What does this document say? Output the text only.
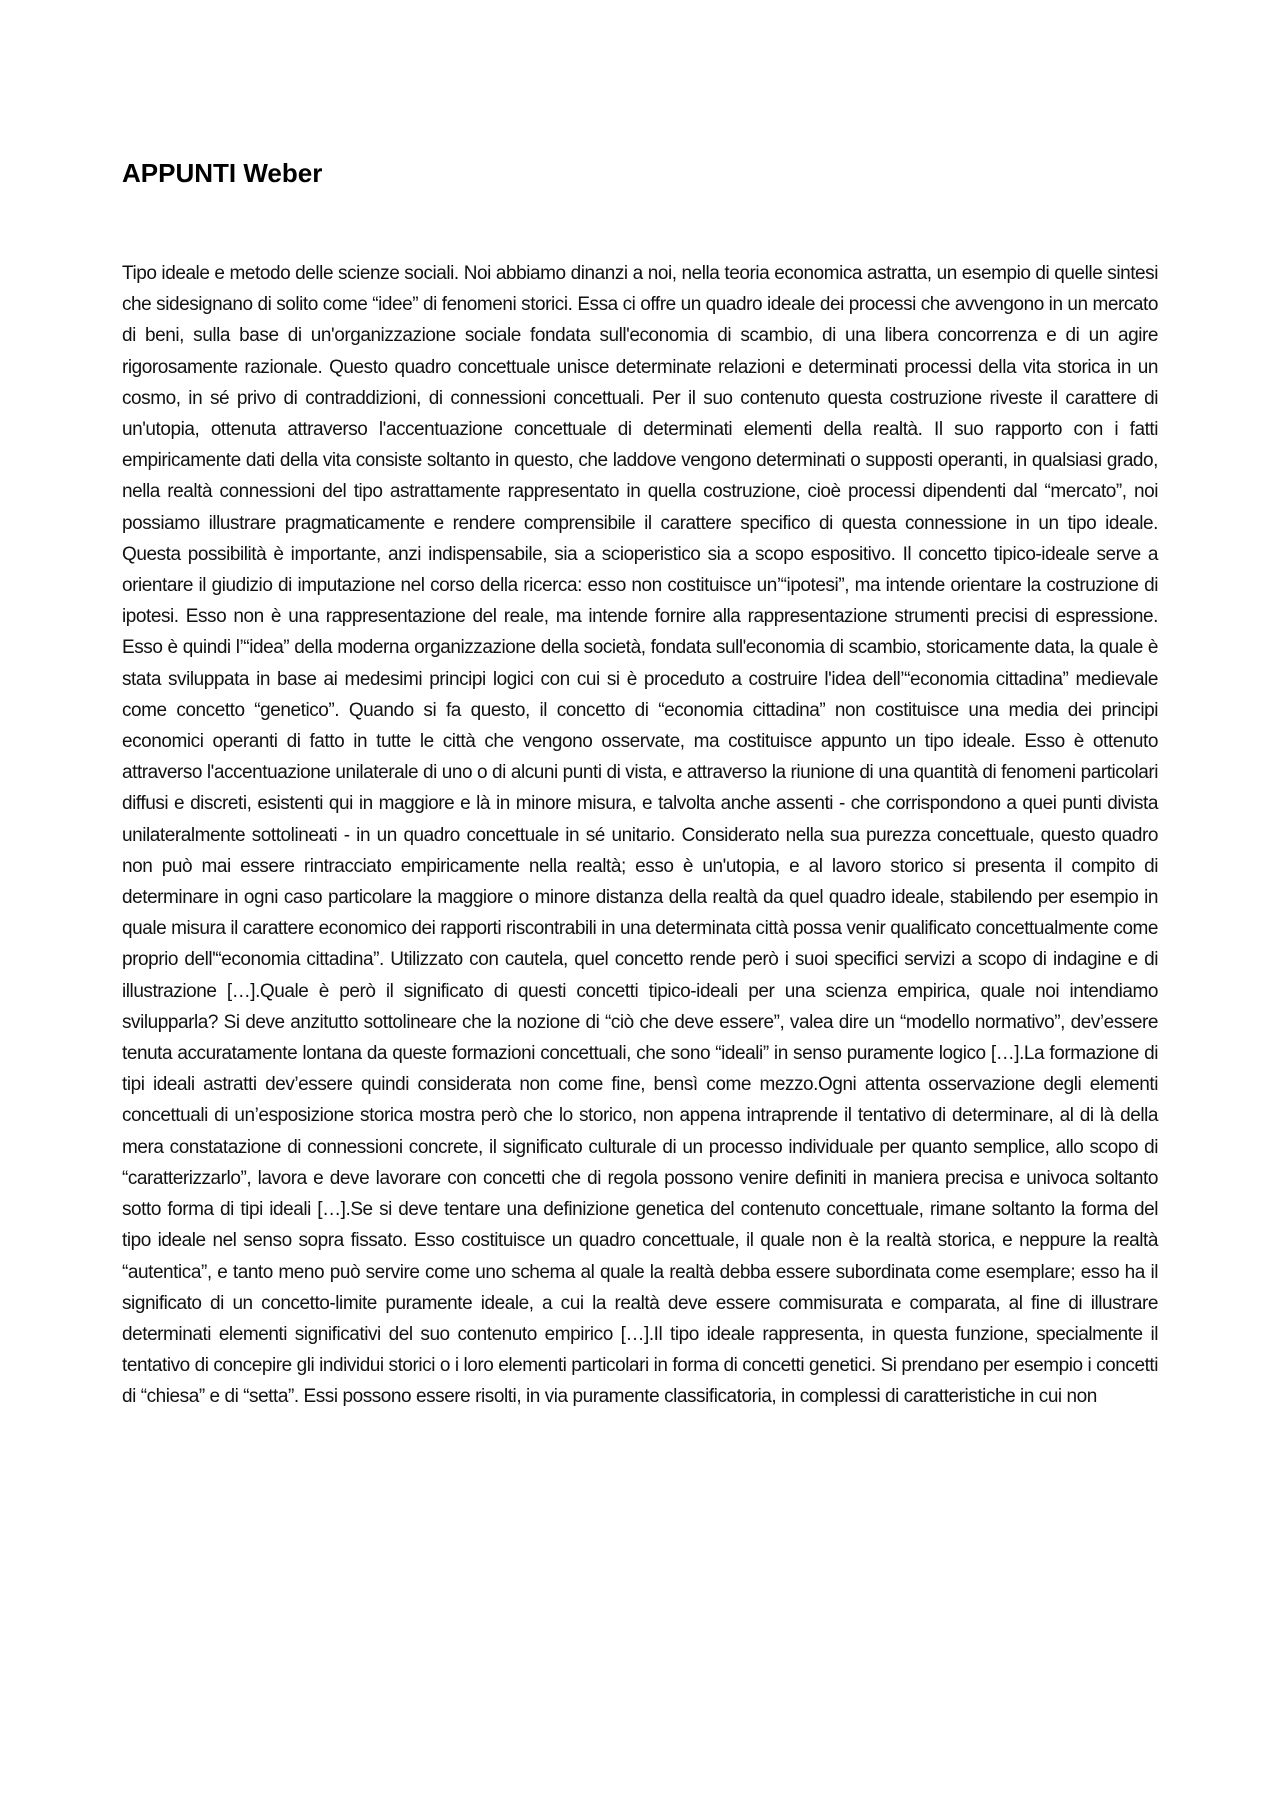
APPUNTI Weber

Tipo ideale e metodo delle scienze sociali. Noi abbiamo dinanzi a noi, nella teoria economica astratta, un esempio di quelle sintesi che sidesignano di solito come “idee” di fenomeni storici. Essa ci offre un quadro ideale dei processi che avvengono in un mercato di beni, sulla base di un'organizzazione sociale fondata sull'economia di scambio, di una libera concorrenza e di un agire rigorosamente razionale. Questo quadro concettuale unisce determinate relazioni e determinati processi della vita storica in un cosmo, in sé privo di contraddizioni, di connessioni concettuali. Per il suo contenuto questa costruzione riveste il carattere di un'utopia, ottenuta attraverso l'accentuazione concettuale di determinati elementi della realtà. Il suo rapporto con i fatti empiricamente dati della vita consiste soltanto in questo, che laddove vengono determinati o supposti operanti, in qualsiasi grado, nella realtà connessioni del tipo astrattamente rappresentato in quella costruzione, cioè processi dipendenti dal “mercato”, noi possiamo illustrare pragmaticamente e rendere comprensibile il carattere specifico di questa connessione in un tipo ideale. Questa possibilità è importante, anzi indispensabile, sia a scioperistico sia a scopo espositivo. Il concetto tipico-ideale serve a orientare il giudizio di imputazione nel corso della ricerca: esso non costituisce un’“ipotesi”, ma intende orientare la costruzione di ipotesi. Esso non è una rappresentazione del reale, ma intende fornire alla rappresentazione strumenti precisi di espressione. Esso è quindi l’“idea” della moderna organizzazione della società, fondata sull'economia di scambio, storicamente data, la quale è stata sviluppata in base ai medesimi principi logici con cui si è proceduto a costruire l'idea dell’“economia cittadina” medievale come concetto “genetico”. Quando si fa questo, il concetto di “economia cittadina” non costituisce una media dei principi economici operanti di fatto in tutte le città che vengono osservate, ma costituisce appunto un tipo ideale. Esso è ottenuto attraverso l'accentuazione unilaterale di uno o di alcuni punti di vista, e attraverso la riunione di una quantità di fenomeni particolari diffusi e discreti, esistenti qui in maggiore e là in minore misura, e talvolta anche assenti - che corrispondono a quei punti divista unilateralmente sottolineati - in un quadro concettuale in sé unitario. Considerato nella sua purezza concettuale, questo quadro non può mai essere rintracciato empiricamente nella realtà; esso è un'utopia, e al lavoro storico si presenta il compito di determinare in ogni caso particolare la maggiore o minore distanza della realtà da quel quadro ideale, stabilendo per esempio in quale misura il carattere economico dei rapporti riscontrabili in una determinata città possa venir qualificato concettualmente come proprio dell'“economia cittadina”. Utilizzato con cautela, quel concetto rende però i suoi specifici servizi a scopo di indagine e di illustrazione […].Quale è però il significato di questi concetti tipico-ideali per una scienza empirica, quale noi intendiamo svilupparla? Si deve anzitutto sottolineare che la nozione di “ciò che deve essere”, valea dire un “modello normativo”, dev’essere tenuta accuratamente lontana da queste formazioni concettuali, che sono “ideali” in senso puramente logico […].La formazione di tipi ideali astratti dev’essere quindi considerata non come fine, bensì come mezzo.Ogni attenta osservazione degli elementi concettuali di un’esposizione storica mostra però che lo storico, non appena intraprende il tentativo di determinare, al di là della mera constatazione di connessioni concrete, il significato culturale di un processo individuale per quanto semplice, allo scopo di “caratterizzarlo”, lavora e deve lavorare con concetti che di regola possono venire definiti in maniera precisa e univoca soltanto sotto forma di tipi ideali […].Se si deve tentare una definizione genetica del contenuto concettuale, rimane soltanto la forma del tipo ideale nel senso sopra fissato. Esso costituisce un quadro concettuale, il quale non è la realtà storica, e neppure la realtà “autentica”, e tanto meno può servire come uno schema al quale la realtà debba essere subordinata come esemplare; esso ha il significato di un concetto-limite puramente ideale, a cui la realtà deve essere commisurata e comparata, al fine di illustrare determinati elementi significativi del suo contenuto empirico […].Il tipo ideale rappresenta, in questa funzione, specialmente il tentativo di concepire gli individui storici o i loro elementi particolari in forma di concetti genetici. Si prendano per esempio i concetti di “chiesa” e di “setta”. Essi possono essere risolti, in via puramente classificatoria, in complessi di caratteristiche in cui non
